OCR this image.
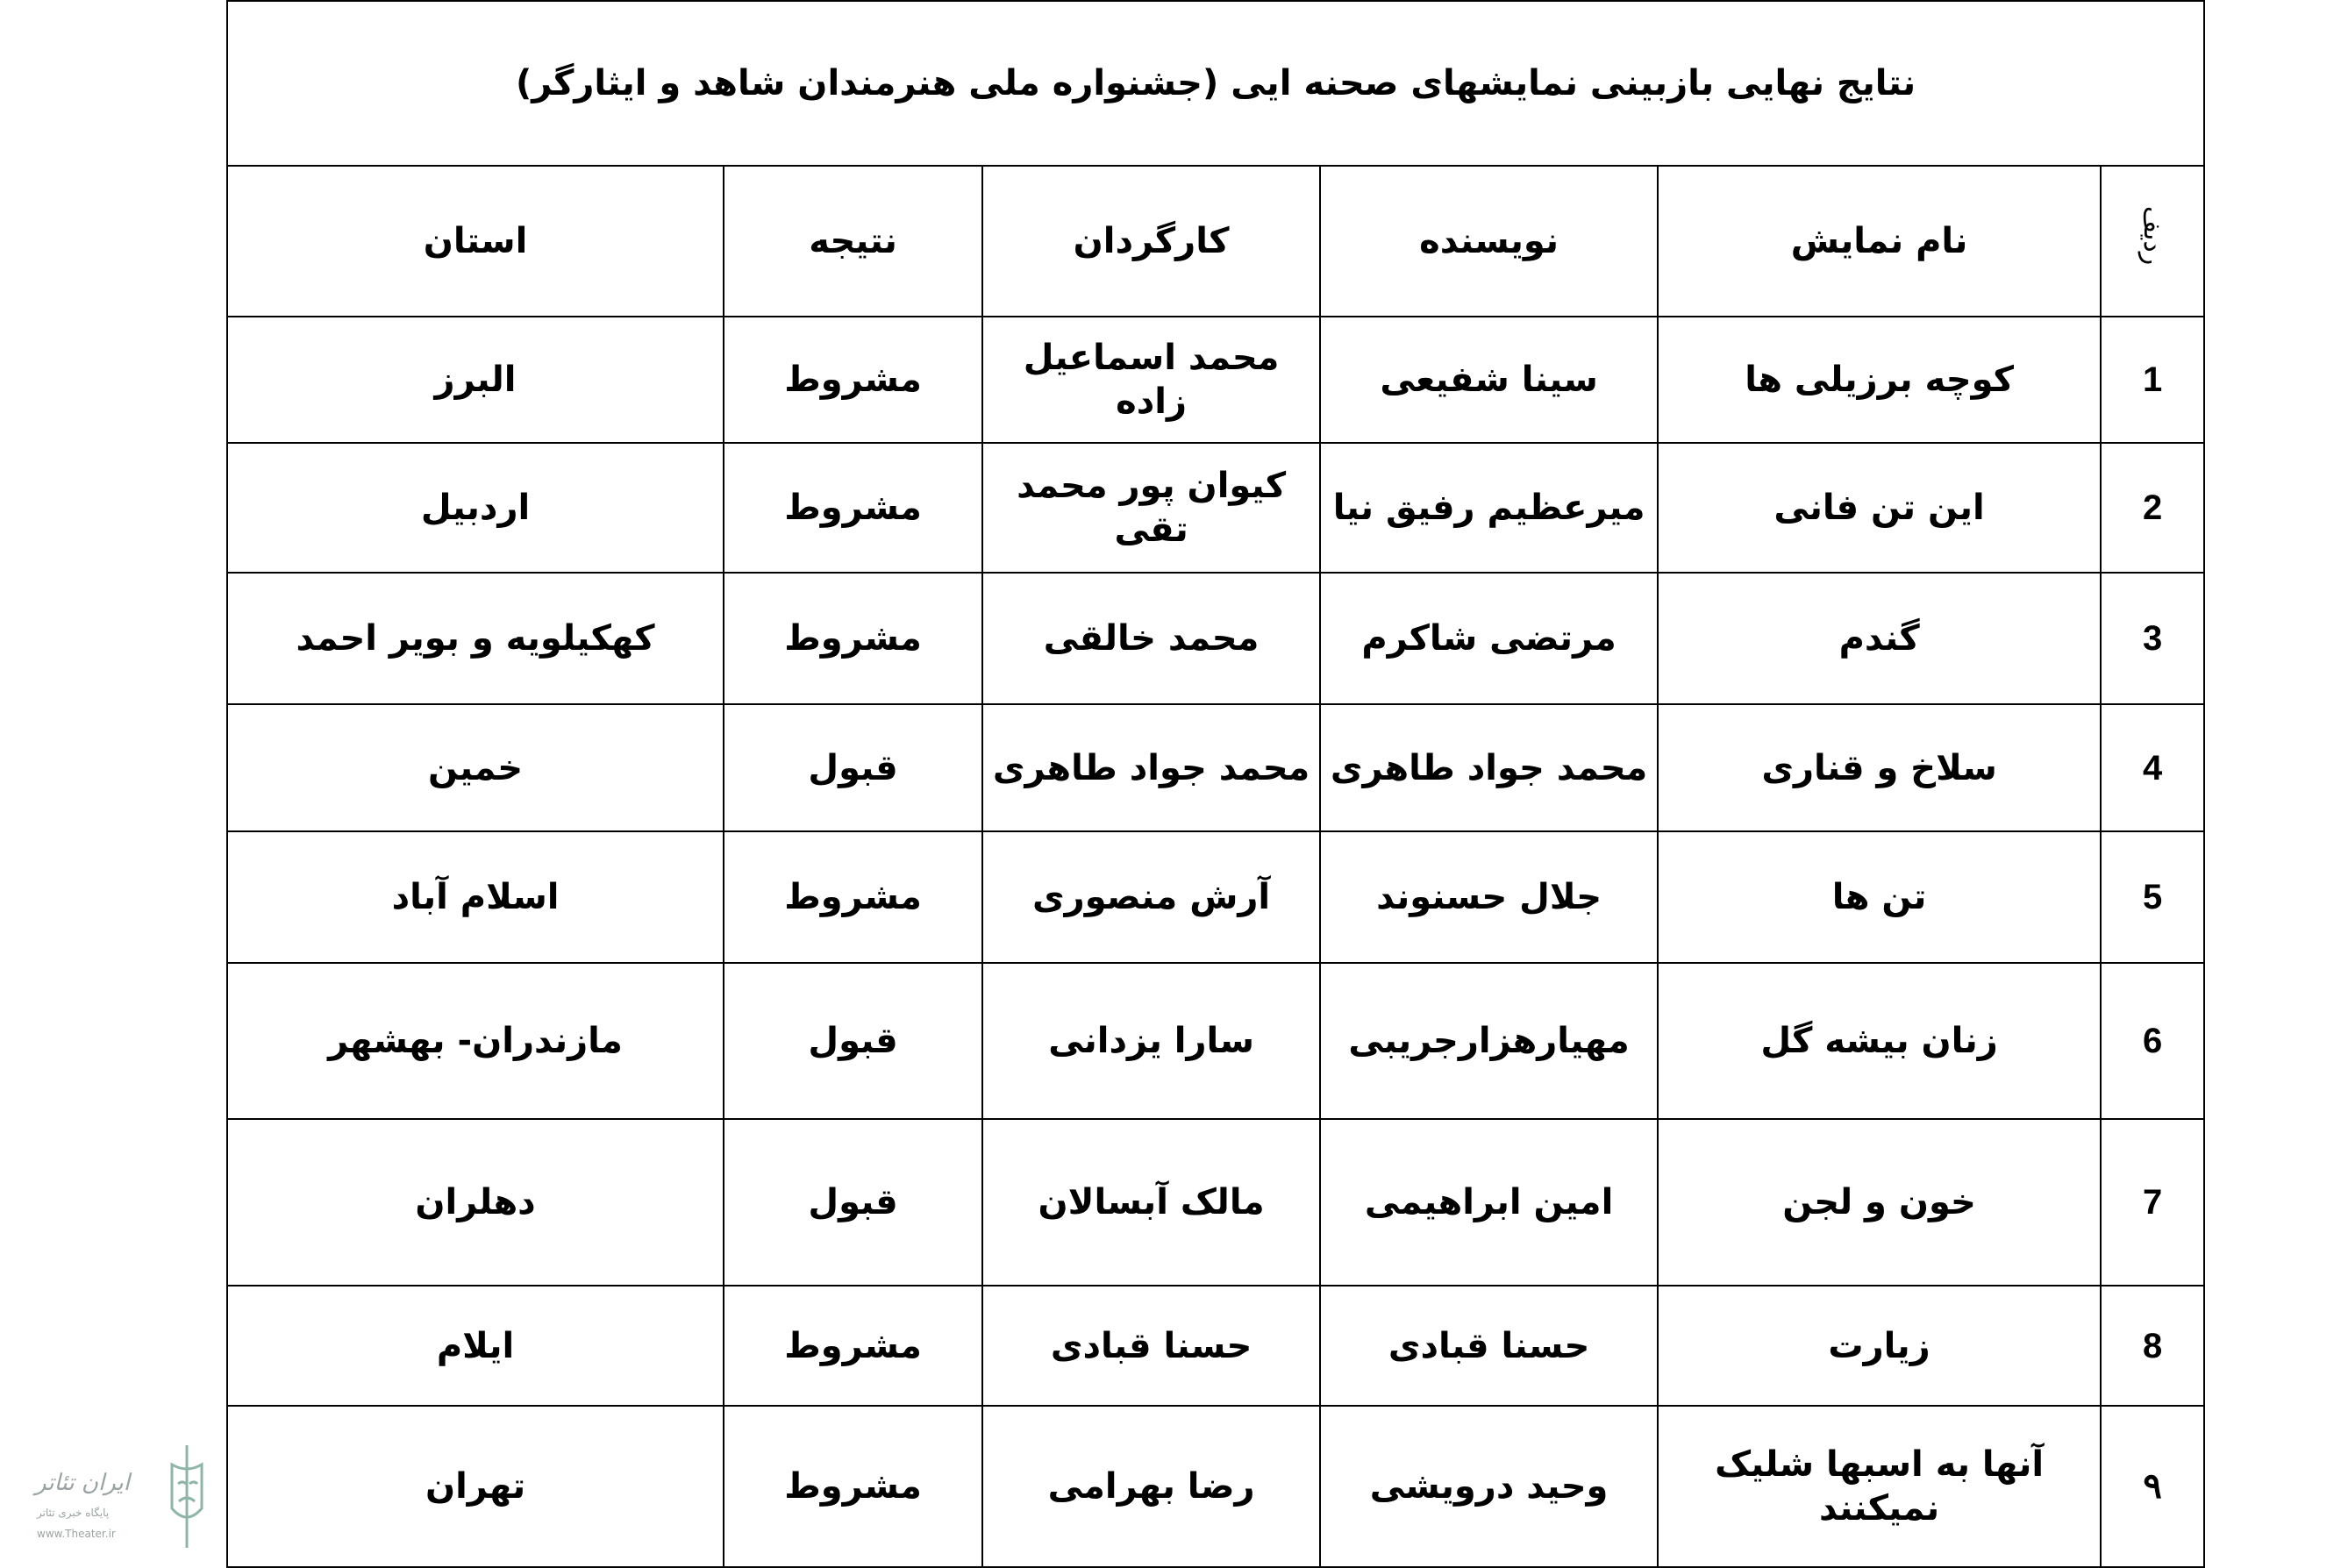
نتایج نهایی بازبینی نمایشهای صحنه ایی (جشنواره ملی هنرمندان شاهد و ایثارگر)					
ردیف	نام نمایش	نویسنده	کارگردان	نتیجه	استان
1	کوچه برزیلی ها	سینا شفیعی	محمد اسماعیل زاده	مشروط	البرز
2	این تن فانی	میرعظیم رفیق نیا	کیوان پور محمد تقی	مشروط	اردبیل
3	گندم	مرتضی شاکرم	محمد خالقی	مشروط	کهکیلویه و بویر احمد
4	سلاخ و قناری	محمد جواد طاهری	محمد جواد طاهری	قبول	خمین
5	تن ها	جلال حسنوند	آرش منصوری	مشروط	اسلام آباد
6	زنان بیشه گل	مهیارهزارجریبی	سارا یزدانی	قبول	مازندران- بهشهر
7	خون و لجن	امین ابراهیمی	مالک آبسالان	قبول	دهلران
8	زیارت	حسنا قبادی	حسنا قبادی	مشروط	ایلام
۹	آنها به اسبها شلیک نمیکنند	وحید درویشی	رضا بهرامی	مشروط	تهران
ایران تئاتر
پایگاه خبری تئاتر
www.Theater.ir
